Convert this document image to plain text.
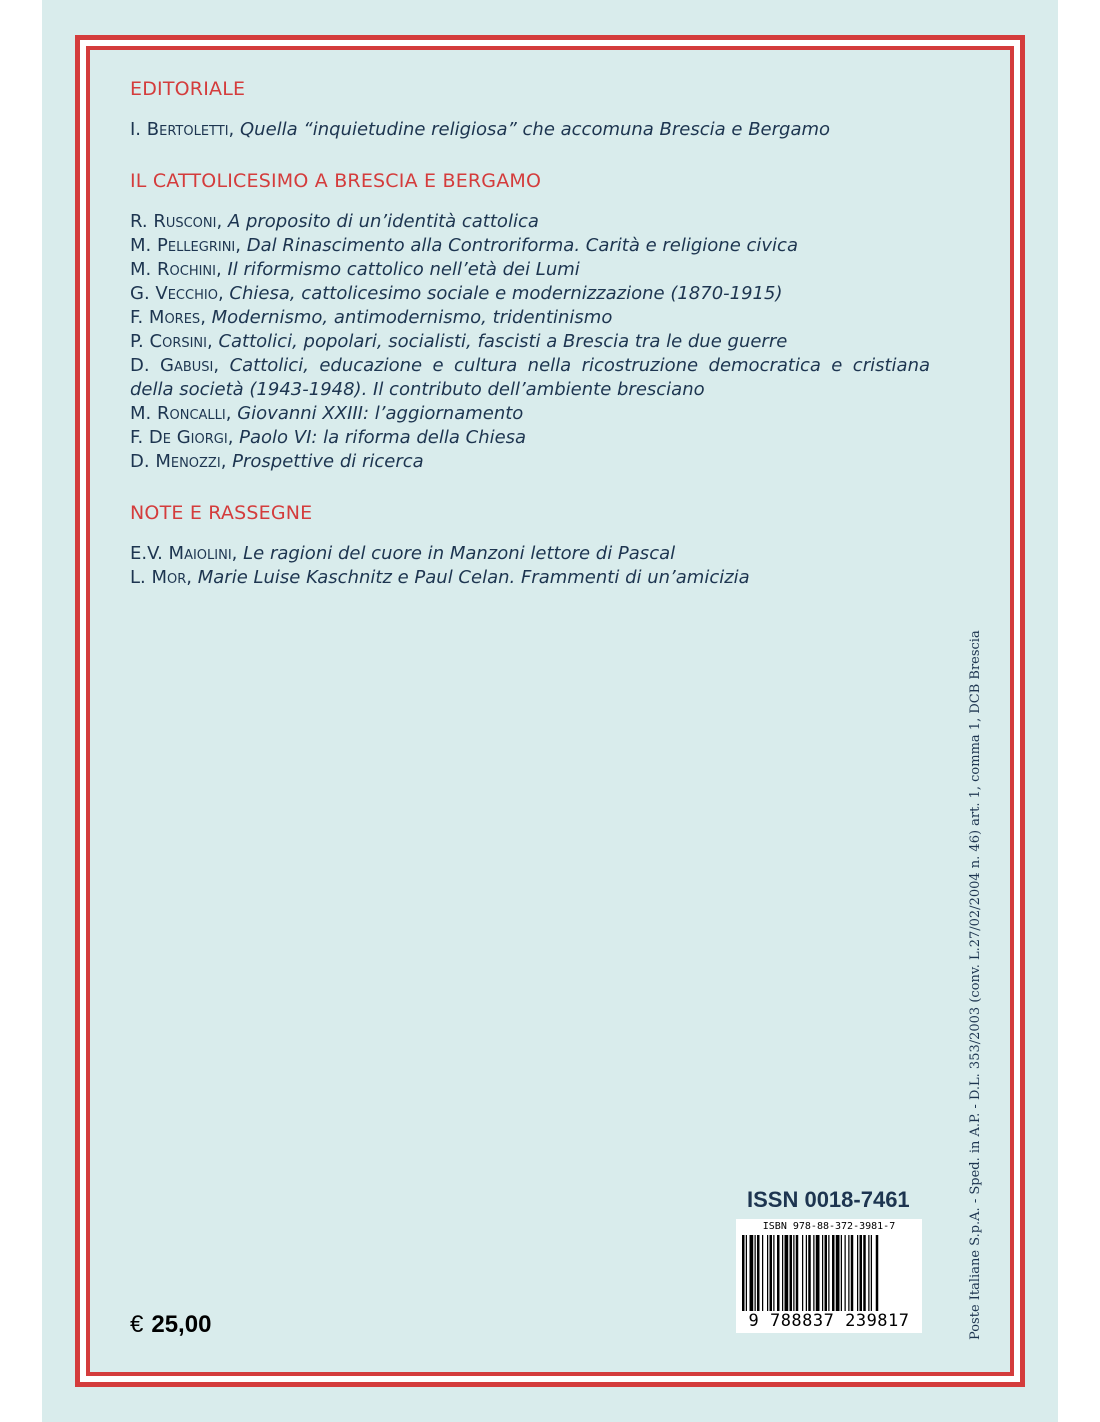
EDITORIALE

I. Bertoletti, Quella “inquietudine religiosa” che accomuna Brescia e Bergamo

IL CATTOLICESIMO A BRESCIA E BERGAMO

R. Rusconi, A proposito di un’identità cattolica

M. Pellegrini, Dal Rinascimento alla Controriforma. Carità e religione civica

M. Rochini, Il riformismo cattolico nell’età dei Lumi

G. Vecchio, Chiesa, cattolicesimo sociale e modernizzazione (1870-1915)

F. Mores, Modernismo, antimodernismo, tridentinismo

P. Corsini, Cattolici, popolari, socialisti, fascisti a Brescia tra le due guerre

D. Gabusi, Cattolici, educazione e cultura nella ricostruzione democratica e cristiana della società (1943-1948). Il contributo dell’ambiente bresciano

M. Roncalli, Giovanni XXIII: l’aggiornamento

F. De Giorgi, Paolo VI: la riforma della Chiesa

D. Menozzi, Prospettive di ricerca

NOTE E RASSEGNE

E.V. Maiolini, Le ragioni del cuore in Manzoni lettore di Pascal

L. Mor, Marie Luise Kaschnitz e Paul Celan. Frammenti di un’amicizia

Poste Italiane S.p.A. - Sped. in A.P. - D.L. 353/2003 (conv. L.27/02/2004 n. 46) art. 1, comma 1, DCB Brescia
ISSN 0018-7461
ISBN 978-88-372-3981-7
9 788837 239817
€ 25,00
